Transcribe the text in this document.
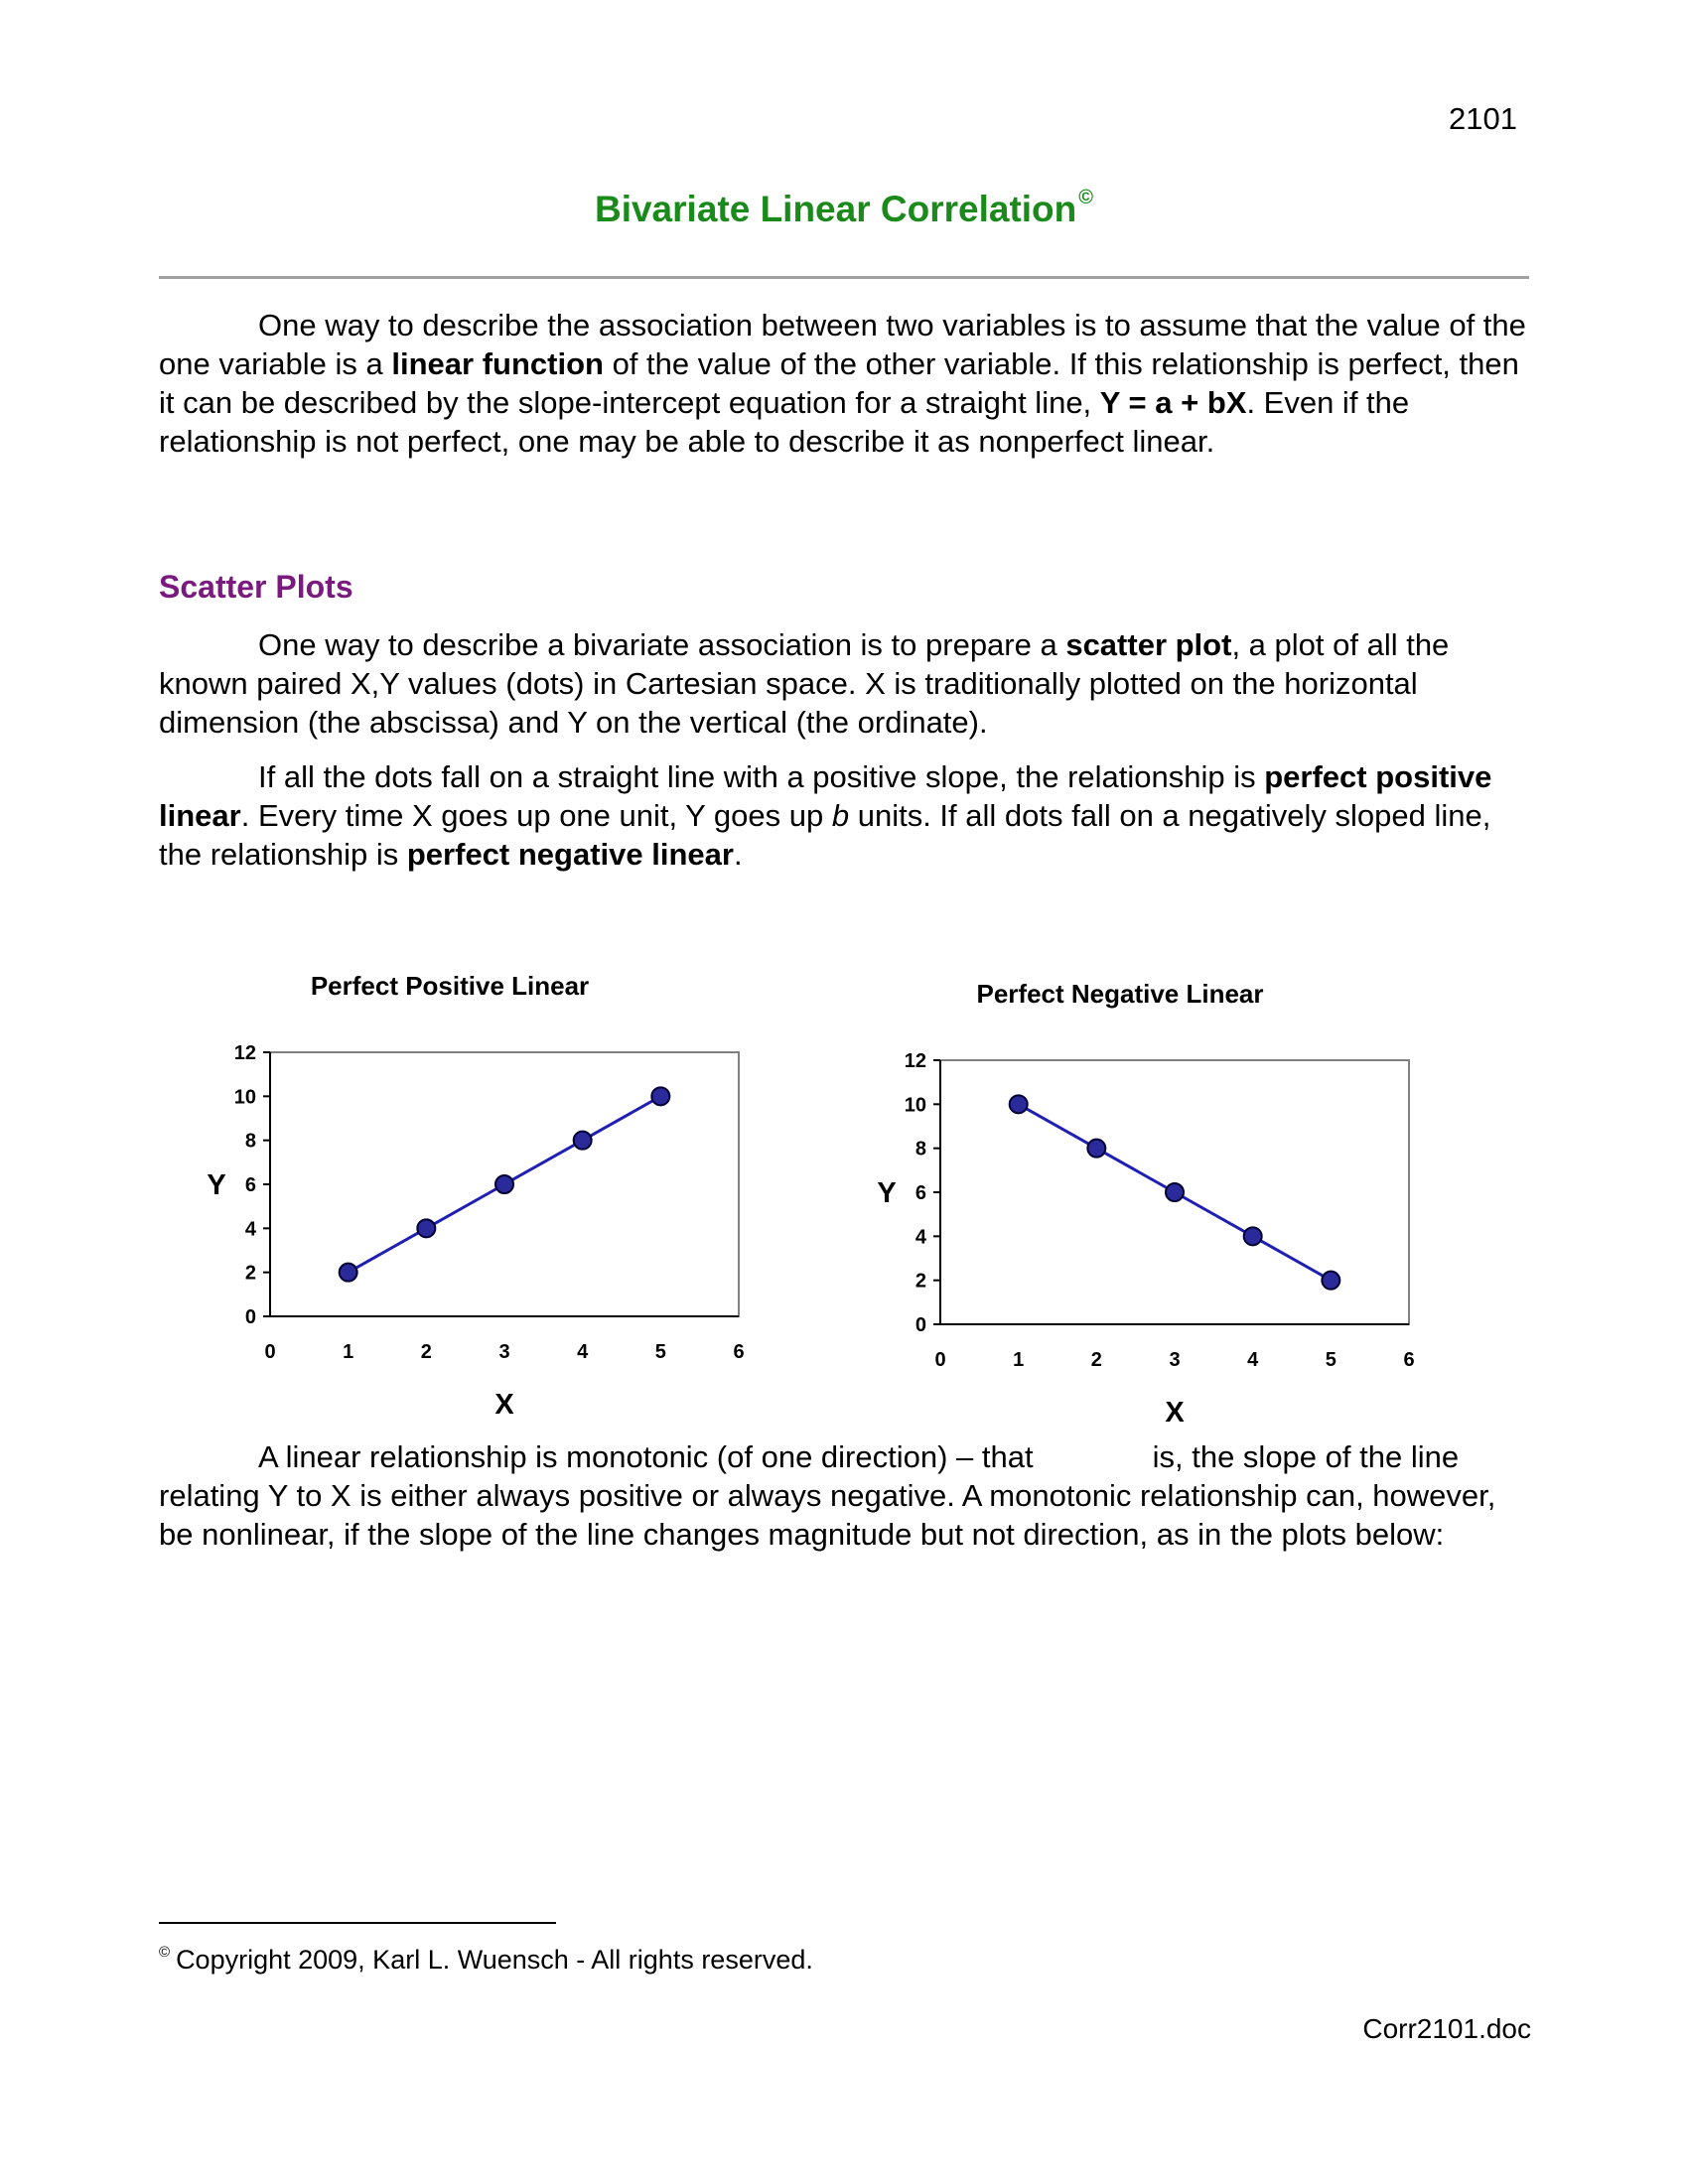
2101
Bivariate Linear Correlation ©

One way to describe the association between two variables is to assume that the value of the one variable is a linear function of the value of the other variable. If this relationship is perfect, then it can be described by the slope-intercept equation for a straight line, Y = a + bX. Even if the relationship is not perfect, one may be able to describe it as nonperfect linear.

Scatter Plots

One way to describe a bivariate association is to prepare a scatter plot, a plot of all the known paired X,Y values (dots) in Cartesian space. X is traditionally plotted on the horizontal dimension (the abscissa) and Y on the vertical (the ordinate).

If all the dots fall on a straight line with a positive slope, the relationship is perfect positive linear. Every time X goes up one unit, Y goes up b units. If all dots fall on a negatively sloped line, the relationship is perfect negative linear.

Perfect Positive Linear
0
2
4
6
8
10
12
0	1	2	3	4	5	6
X
Y
Perfect Negative Linear
0
2
4
6
8
10
12
0	1	2	3	4	5	6
X
Y

A linear relationship is monotonic (of one direction) – that	is, the slope of the line relating Y to X is either always positive or always negative. A monotonic relationship can, however, be nonlinear, if the slope of the line changes magnitude but not direction, as in the plots below:

© Copyright 2009, Karl L. Wuensch - All rights reserved.
Corr2101.doc
